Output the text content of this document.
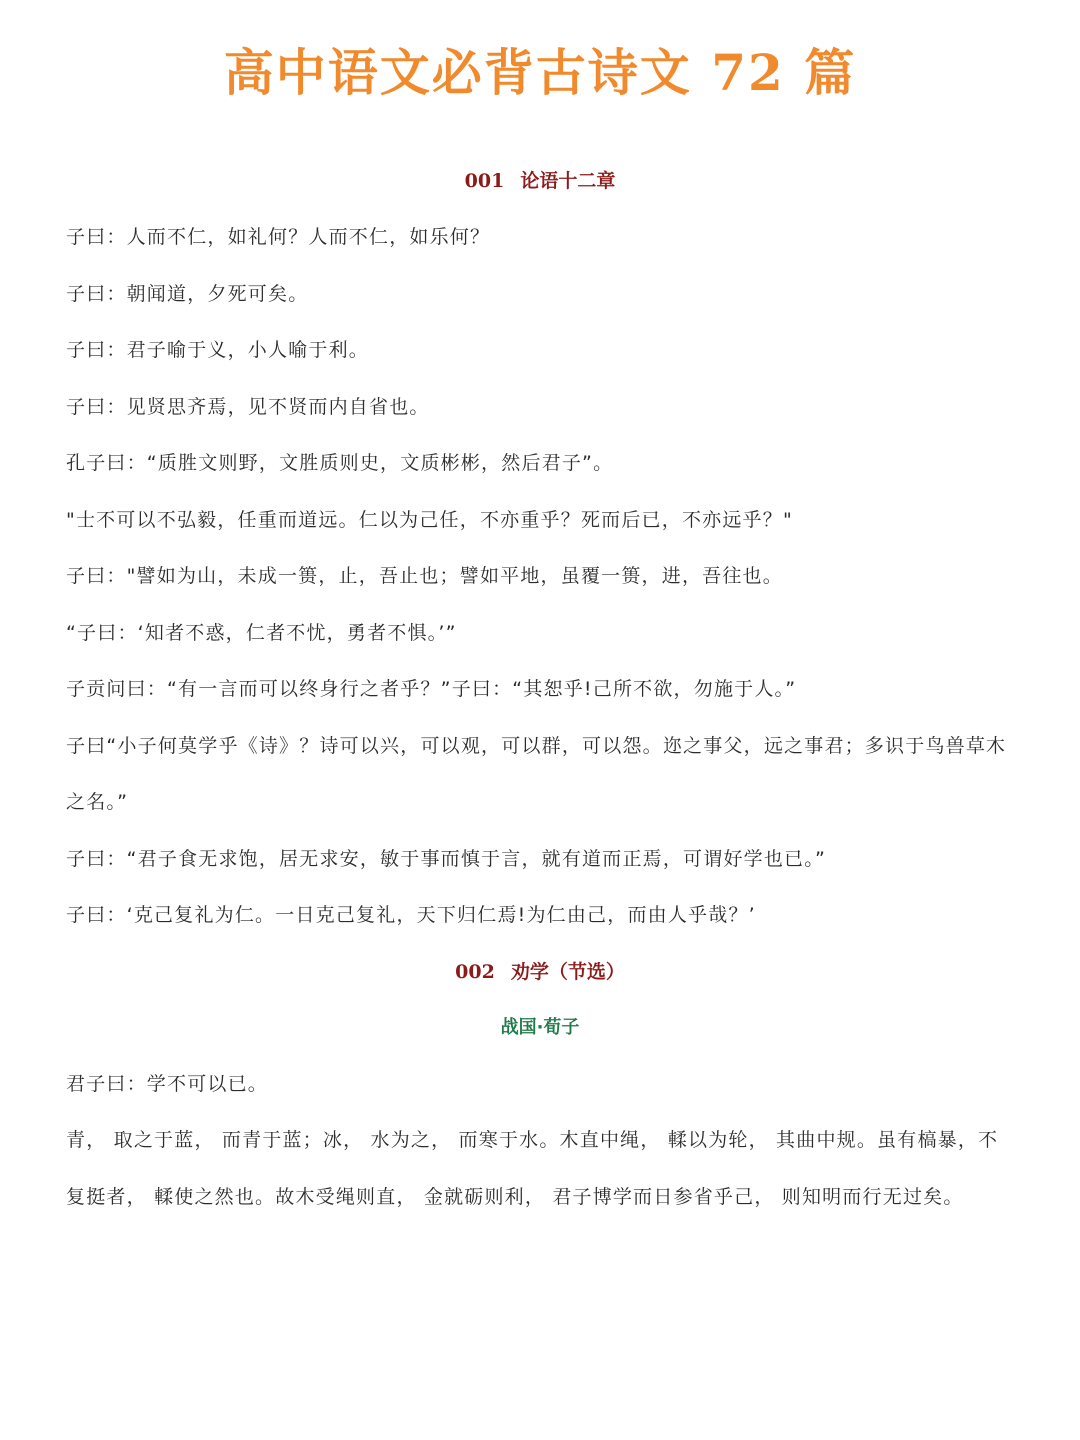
高中语文必背古诗文 72 篇
001 论语十二章
子曰：人而不仁，如礼何？人而不仁，如乐何？
子曰：朝闻道，夕死可矣。
子曰：君子喻于义，小人喻于利。
子曰：见贤思齐焉，见不贤而内自省也。
孔子曰：“质胜文则野，文胜质则史，文质彬彬，然后君子”。
"士不可以不弘毅，任重而道远。仁以为己任，不亦重乎？死而后已，不亦远乎？"
子曰："譬如为山，未成一篑，止，吾止也；譬如平地，虽覆一篑，进，吾往也。
“子曰：‘知者不惑，仁者不忧，勇者不惧。’”
子贡问曰：“有一言而可以终身行之者乎？”子曰：“其恕乎!己所不欲，勿施于人。”
子曰“小子何莫学乎《诗》？诗可以兴，可以观，可以群，可以怨。迩之事父，远之事君；多识于鸟兽草木之名。”
子曰：“君子食无求饱，居无求安，敏于事而慎于言，就有道而正焉，可谓好学也已。”
子曰：‘克己复礼为仁。一日克己复礼，天下归仁焉!为仁由己，而由人乎哉？’
002 劝学（节选）
战国·荀子
君子曰：学不可以已。
青， 取之于蓝， 而青于蓝；冰， 水为之， 而寒于水。木直中绳， 輮以为轮， 其曲中规。虽有槁暴，不复挺者， 輮使之然也。故木受绳则直， 金就砺则利， 君子博学而日参省乎己， 则知明而行无过矣。
